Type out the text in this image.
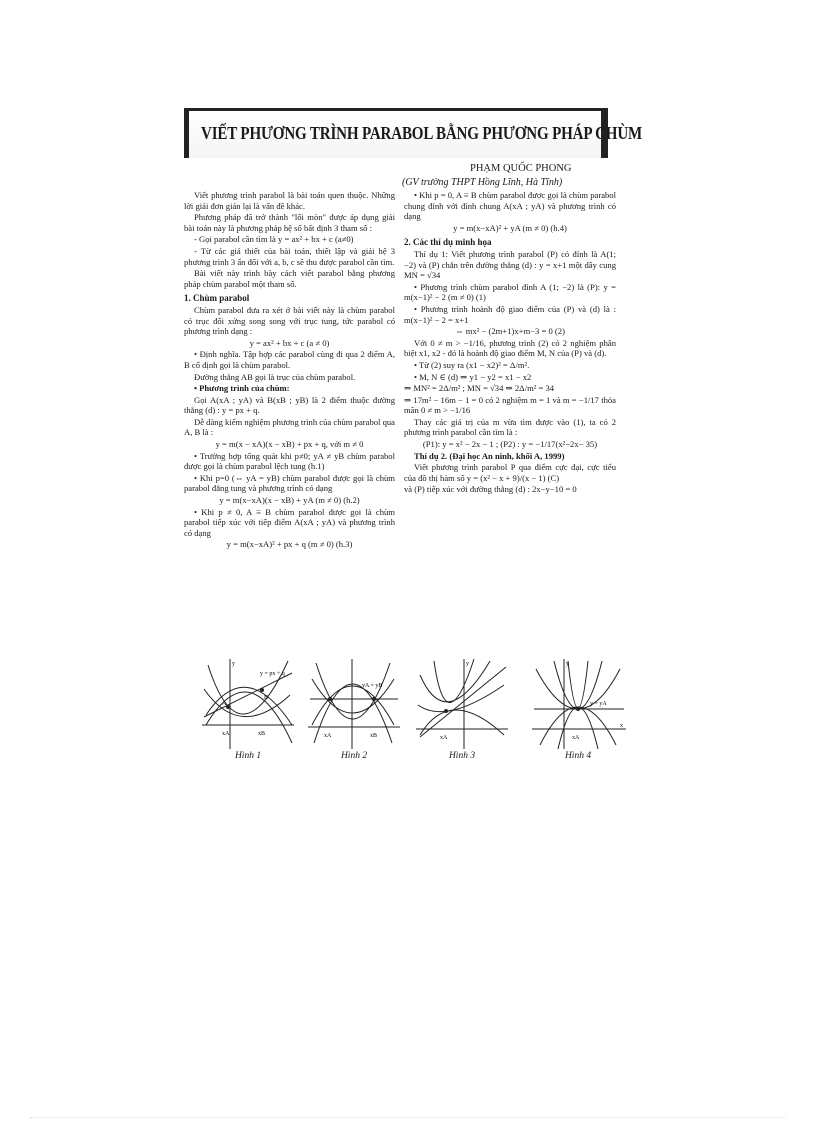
VIẾT PHƯƠNG TRÌNH PARABOL BẰNG PHƯƠNG PHÁP CHÙM
PHẠM QUỐC PHONG
(GV trường THPT Hồng Lĩnh, Hà Tĩnh)

Viết phương trình parabol là bài toán quen thuộc. Những lời giải đơn giản lại là vấn đề khác.

Phương pháp đã trở thành "lối mòn" được áp dụng giải bài toán này là phương pháp hệ số bất định 3 tham số :

- Gọi parabol cần tìm là y = ax² + bx + c (a≠0)

- Từ các giả thiết của bài toán, thiết lập và giải hệ 3 phương trình 3 ẩn đối với a, b, c sẽ thu được parabol cần tìm.

Bài viết này trình bày cách viết parabol bằng phương pháp chùm parabol một tham số.

1. Chùm parabol

Chùm parabol đưa ra xét ở bài viết này là chùm parabol có trục đối xứng song song với trục tung, tức parabol có phương trình dạng :

y = ax² + bx + c (a ≠ 0)

• Định nghĩa. Tập hợp các parabol cùng đi qua 2 điểm A, B cố định gọi là chùm parabol.

Đường thẳng AB gọi là trục của chùm parabol.

• Phương trình của chùm:

Gọi A(xA ; yA) và B(xB ; yB) là 2 điểm thuộc đường thẳng (d) : y = px + q.

Dễ dàng kiểm nghiệm phương trình của chùm parabol qua A, B là :

y = m(x − xA)(x − xB) + px + q, với m ≠ 0

• Trường hợp tổng quát khi p≠0; yA ≠ yB chùm parabol được gọi là chùm parabol lệch tung (h.1)

• Khi p=0 (⇔ yA = yB) chùm parabol được gọi là chùm parabol đẳng tung và phương trình có dạng

y = m(x−xA)(x − xB) + yA (m ≠ 0) (h.2)

• Khi p ≠ 0, A ≡ B chùm parabol được gọi là chùm parabol tiếp xúc với tiếp điểm A(xA ; yA) và phương trình có dạng

y = m(x−xA)² + px + q (m ≠ 0) (h.3)

• Khi p = 0, A ≡ B chùm parabol được gọi là chùm parabol chung đỉnh với đỉnh chung A(xA ; yA) và phương trình có dạng

y = m(x−xA)² + yA (m ≠ 0) (h.4)

2. Các thí dụ minh họa

Thí dụ 1: Viết phương trình parabol (P) có đỉnh là A(1; −2) và (P) chắn trên đường thẳng (d) : y = x+1 một dây cung MN = √34

• Phương trình chùm parabol đỉnh A (1; −2) là (P): y = m(x−1)² − 2 (m ≠ 0) (1)

• Phương trình hoành độ giao điểm của (P) và (d) là : m(x−1)² − 2 = x+1

⇔ mx² − (2m+1)x+m−3 = 0 (2)

Với 0 ≠ m > −1/16, phương trình (2) có 2 nghiệm phân biệt x1, x2 - đó là hoành độ giao điểm M, N của (P) và (d).

• Từ (2) suy ra (x1 − x2)² = Δ/m².

• M, N ∈ (d) ⇒ y1 − y2 = x1 − x2

⇒ MN² = 2Δ/m² ; MN = √34 ⇒ 2Δ/m² = 34

⇒ 17m² − 16m − 1 = 0 có 2 nghiệm m = 1 và m = −1/17 thỏa mãn 0 ≠ m > −1/16

Thay các giá trị của m vừa tìm được vào (1), ta có 2 phương trình parabol cần tìm là :

(P1): y = x² − 2x − 1 ; (P2) : y = −1/17(x²−2x− 35)

Thí dụ 2. (Đại học An ninh, khối A, 1999)

Viết phương trình parabol P qua điểm cực đại, cực tiểu của đồ thị hàm số y = (x² − x + 9)/(x − 1) (C)

và (P) tiếp xúc với đường thẳng (d) : 2x−y−10 = 0

y = px + q
xA	xB
A
B
y
Hình 1
yA = yB
xA	xB
Hình 2
xA
y
Hình 3
y = yA
xA
x
y
Hình 4
